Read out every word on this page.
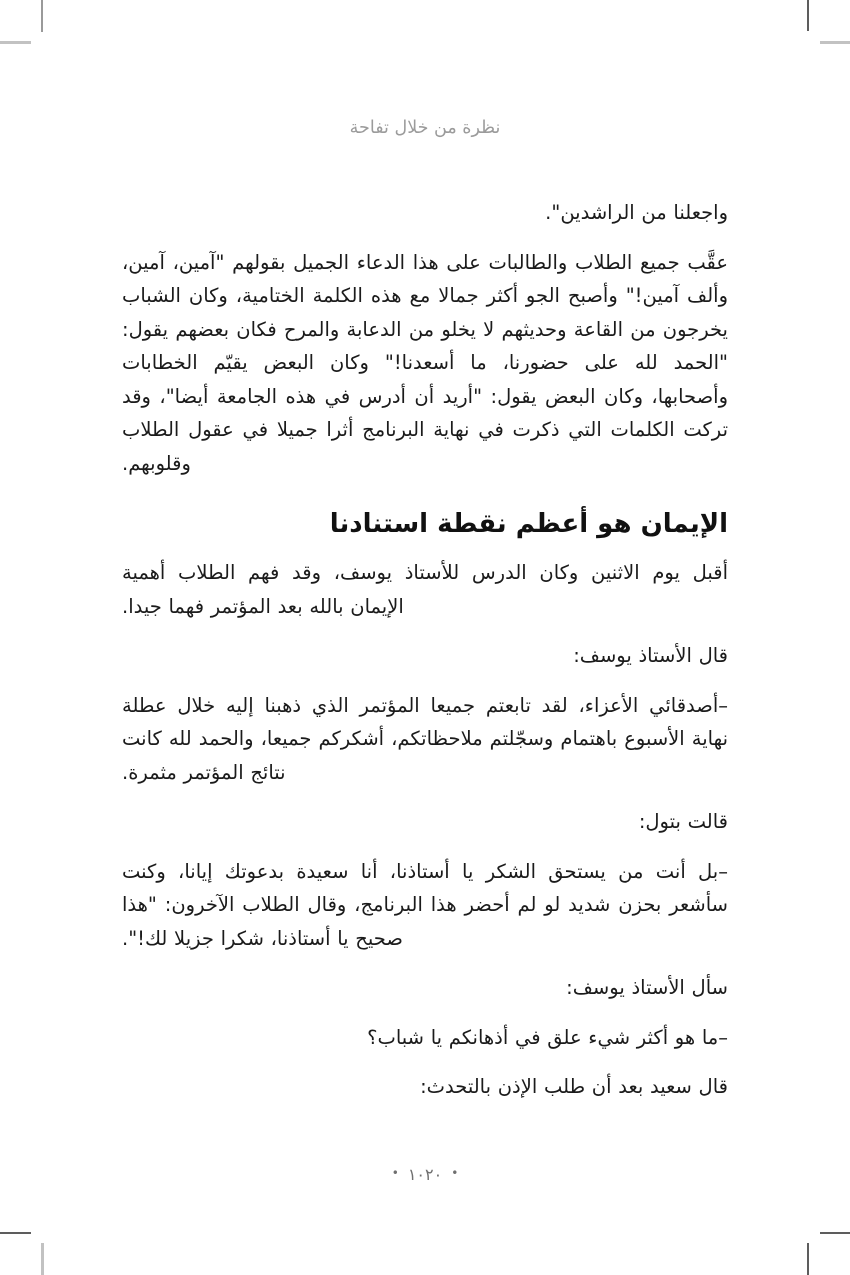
نظرة من خلال تفاحة

واجعلنا من الراشدين".

عقَّب جميع الطلاب والطالبات على هذا الدعاء الجميل بقولهم "آمين، آمين، وألف آمين!" وأصبح الجو أكثر جمالا مع هذه الكلمة الختامية، وكان الشباب يخرجون من القاعة وحديثهم لا يخلو من الدعابة والمرح فكان بعضهم يقول: "الحمد لله على حضورنا، ما أسعدنا!" وكان البعض يقيّم الخطابات وأصحابها، وكان البعض يقول: "أريد أن أدرس في هذه الجامعة أيضا"، وقد تركت الكلمات التي ذكرت في نهاية البرنامج أثرا جميلا في عقول الطلاب وقلوبهم.

الإيمان هو أعظم نقطة استنادنا

أقبل يوم الاثنين وكان الدرس للأستاذ يوسف، وقد فهم الطلاب أهمية الإيمان بالله بعد المؤتمر فهما جيدا.

قال الأستاذ يوسف:

–أصدقائي الأعزاء، لقد تابعتم جميعا المؤتمر الذي ذهبنا إليه خلال عطلة نهاية الأسبوع باهتمام وسجّلتم ملاحظاتكم، أشكركم جميعا، والحمد لله كانت نتائج المؤتمر مثمرة.

قالت بتول:

–بل أنت من يستحق الشكر يا أستاذنا، أنا سعيدة بدعوتك إيانا، وكنت سأشعر بحزن شديد لو لم أحضر هذا البرنامج، وقال الطلاب الآخرون: "هذا صحيح يا أستاذنا، شكرا جزيلا لك!".

سأل الأستاذ يوسف:

–ما هو أكثر شيء علق في أذهانكم يا شباب؟

قال سعيد بعد أن طلب الإذن بالتحدث:

•١٠٢٠•
